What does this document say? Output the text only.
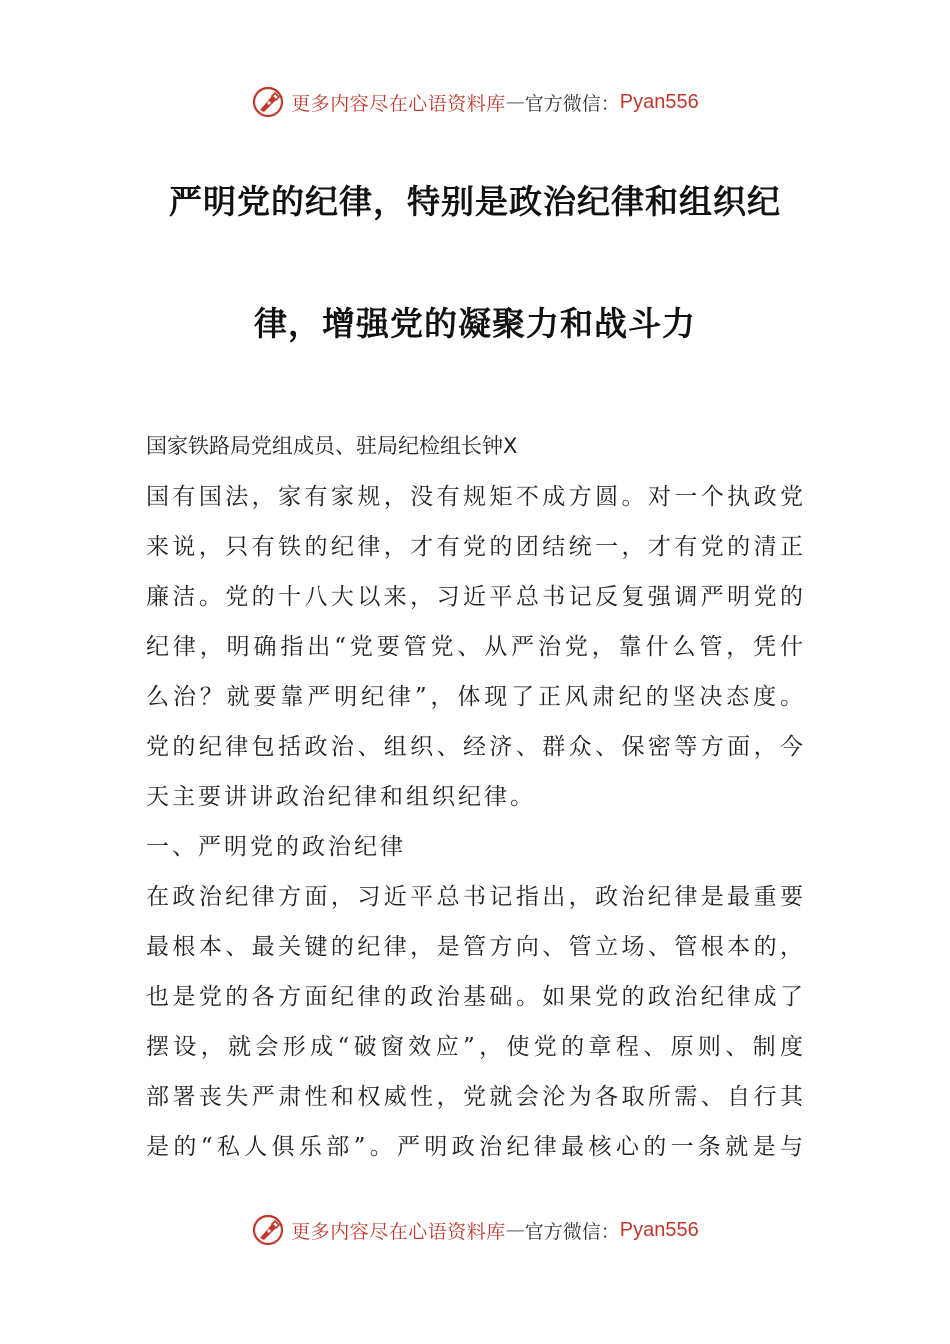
更多内容尽在心语资料库 — 官方微信： Pyan556
严明党的纪律，特别是政治纪律和组织纪
律，增强党的凝聚力和战斗力
国家铁路局党组成员、驻局纪检组长钟X
国有国法，家有家规，没有规矩不成方圆。对一个执政党
来说，只有铁的纪律，才有党的团结统一，才有党的清正
廉洁。党的十八大以来，习近平总书记反复强调严明党的
纪律，明确指出“党要管党、从严治党，靠什么管，凭什
么治？就要靠严明纪律”，体现了正风肃纪的坚决态度。
党的纪律包括政治、组织、经济、群众、保密等方面，今
天主要讲讲政治纪律和组织纪律。
一、严明党的政治纪律
在政治纪律方面，习近平总书记指出，政治纪律是最重要
最根本、最关键的纪律，是管方向、管立场、管根本的，
也是党的各方面纪律的政治基础。如果党的政治纪律成了
摆设，就会形成“破窗效应”，使党的章程、原则、制度
部署丧失严肃性和权威性，党就会沦为各取所需、自行其
是的“私人俱乐部”。严明政治纪律最核心的一条就是与
更多内容尽在心语资料库 — 官方微信： Pyan556
